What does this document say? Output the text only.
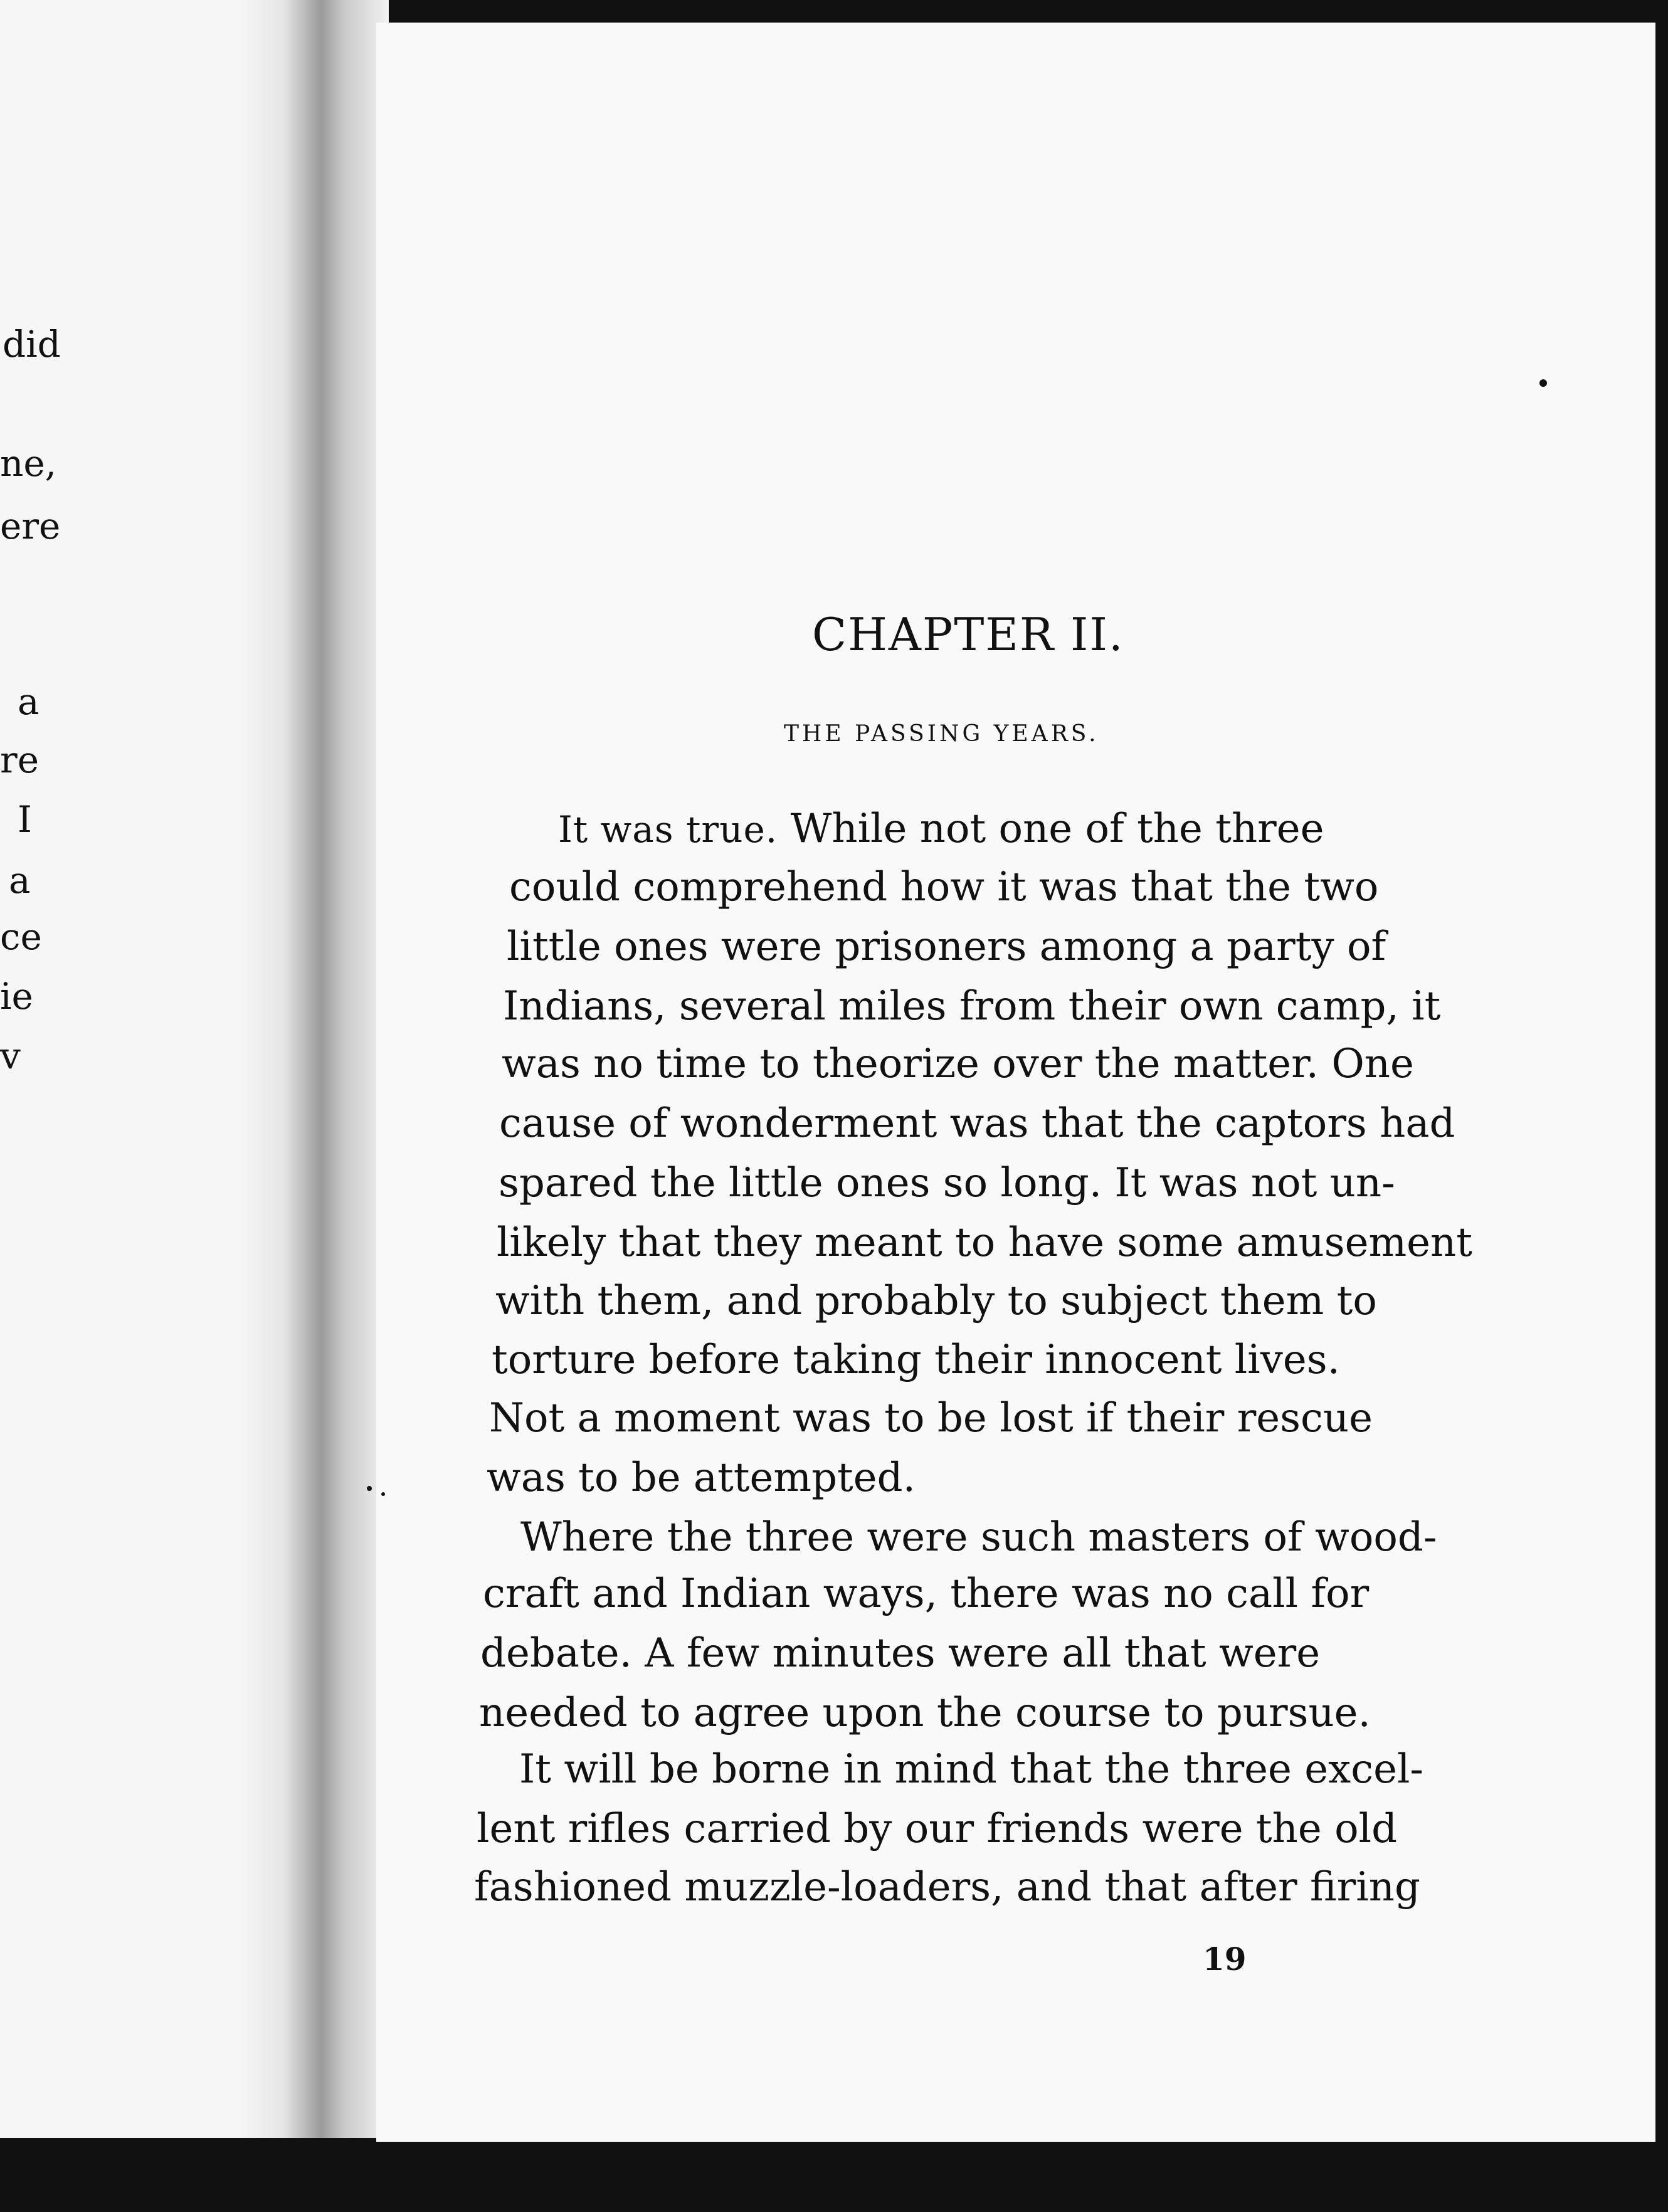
did
ne,
ere
a
re
I
a
ce
ie
v
CHAPTER II.
THE PASSING YEARS.
It was true. While not one of the three
could comprehend how it was that the two
little ones were prisoners among a party of
Indians, several miles from their own camp, it
was no time to theorize over the matter. One
cause of wonderment was that the captors had
spared the little ones so long. It was not un-
likely that they meant to have some amusement
with them, and probably to subject them to
torture before taking their innocent lives.
Not a moment was to be lost if their rescue
was to be attempted.
Where the three were such masters of wood-
craft and Indian ways, there was no call for
debate. A few minutes were all that were
needed to agree upon the course to pursue.
It will be borne in mind that the three excel-
lent rifles carried by our friends were the old
fashioned muzzle-loaders, and that after firing
19
